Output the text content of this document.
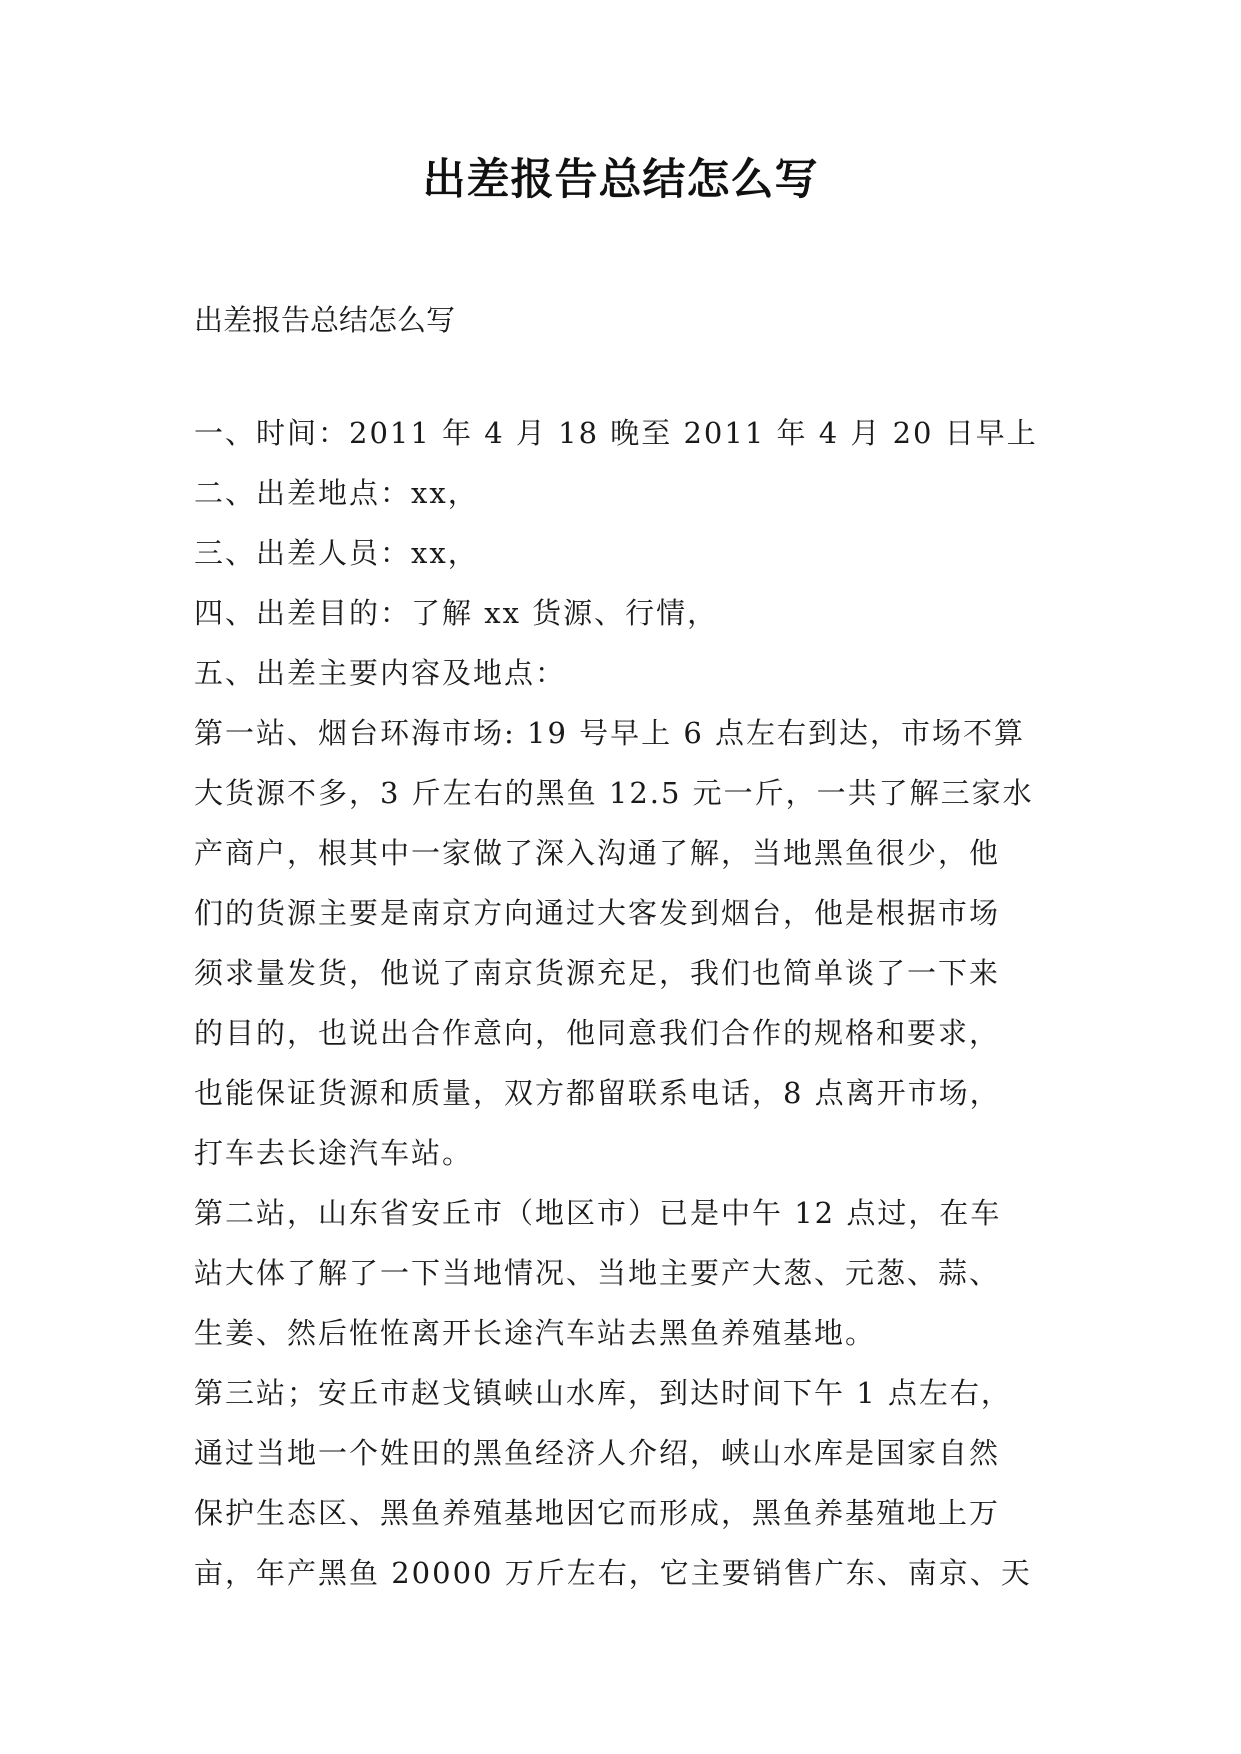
出差报告总结怎么写
出差报告总结怎么写

一、时间：2011 年 4 月 18 晚至 2011 年 4 月 20 日早上

二、出差地点：xx，

三、出差人员：xx，

四、出差目的：了解 xx 货源、行情，

五、出差主要内容及地点：

第一站、烟台环海市场: 19 号早上 6 点左右到达，市场不算

大货源不多，3 斤左右的黑鱼 12.5 元一斤，一共了解三家水

产商户，根其中一家做了深入沟通了解，当地黑鱼很少，他

们的货源主要是南京方向通过大客发到烟台，他是根据市场

须求量发货，他说了南京货源充足，我们也简单谈了一下来

的目的，也说出合作意向，他同意我们合作的规格和要求，

也能保证货源和质量，双方都留联系电话，8 点离开市场，

打车去长途汽车站。

第二站，山东省安丘市（地区市）已是中午 12 点过，在车

站大体了解了一下当地情况、当地主要产大葱、元葱、蒜、

生姜、然后恠恠离开长途汽车站去黑鱼养殖基地。

第三站；安丘市赵戈镇峡山水库，到达时间下午 1 点左右，

通过当地一个姓田的黑鱼经济人介绍，峡山水库是国家自然

保护生态区、黑鱼养殖基地因它而形成，黑鱼养基殖地上万

亩，年产黑鱼 20000 万斤左右，它主要销售广东、南京、天
